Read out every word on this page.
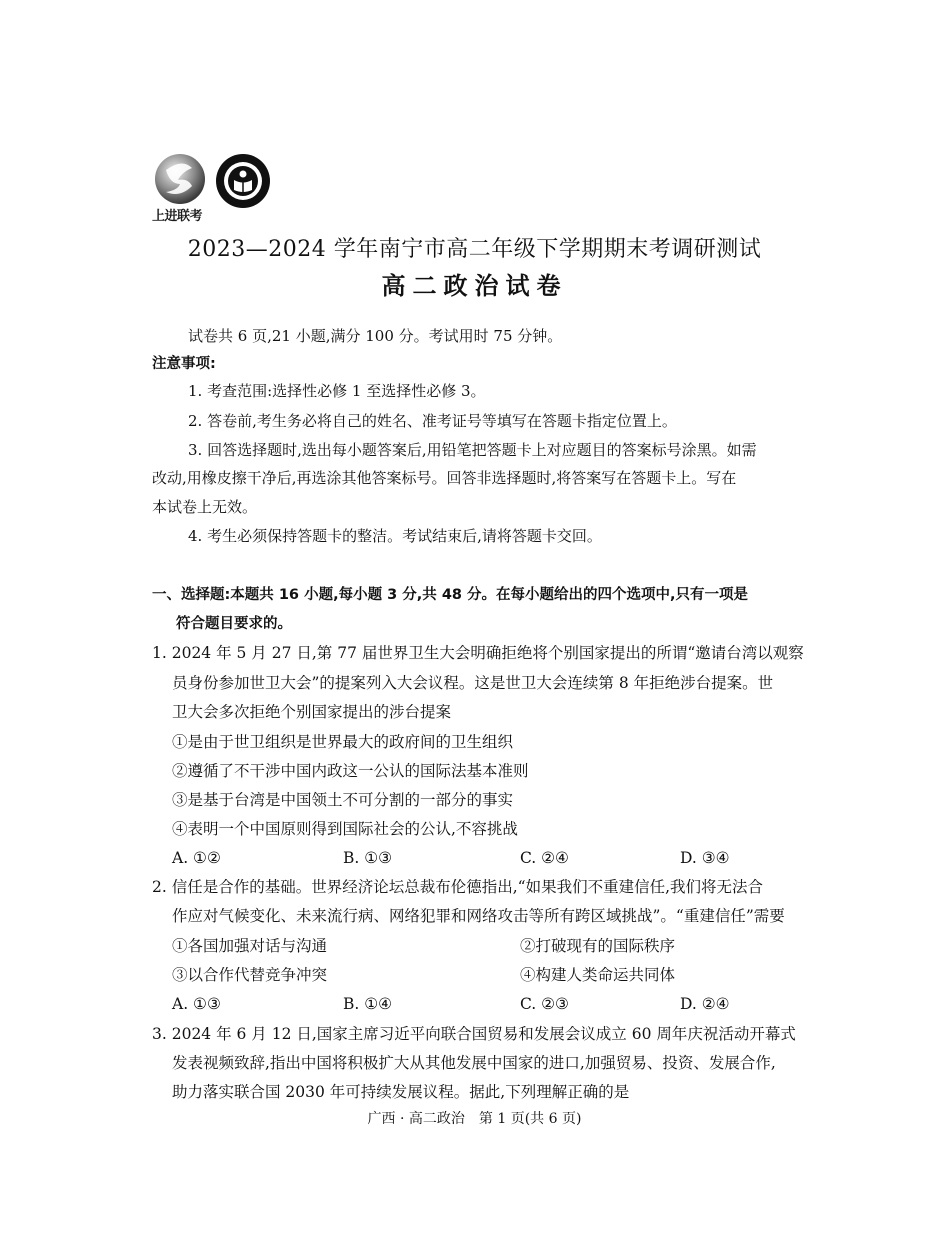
上进联考
2023—2024 学年南宁市高二年级下学期期末考调研测试
高二政治试卷
试卷共 6 页,21 小题,满分 100 分。考试用时 75 分钟。
注意事项:
1. 考查范围:选择性必修 1 至选择性必修 3。
2. 答卷前,考生务必将自己的姓名、准考证号等填写在答题卡指定位置上。
3. 回答选择题时,选出每小题答案后,用铅笔把答题卡上对应题目的答案标号涂黑。如需
改动,用橡皮擦干净后,再选涂其他答案标号。回答非选择题时,将答案写在答题卡上。写在
本试卷上无效。
4. 考生必须保持答题卡的整洁。考试结束后,请将答题卡交回。
一、选择题:本题共 16 小题,每小题 3 分,共 48 分。在每小题给出的四个选项中,只有一项是
符合题目要求的。
1. 2024 年 5 月 27 日,第 77 届世界卫生大会明确拒绝将个别国家提出的所谓“邀请台湾以观察
员身份参加世卫大会”的提案列入大会议程。这是世卫大会连续第 8 年拒绝涉台提案。世
卫大会多次拒绝个别国家提出的涉台提案
①是由于世卫组织是世界最大的政府间的卫生组织
②遵循了不干涉中国内政这一公认的国际法基本准则
③是基于台湾是中国领土不可分割的一部分的事实
④表明一个中国原则得到国际社会的公认,不容挑战
A. ①②	B. ①③	C. ②④	D. ③④
2. 信任是合作的基础。世界经济论坛总裁布伦德指出,“如果我们不重建信任,我们将无法合
作应对气候变化、未来流行病、网络犯罪和网络攻击等所有跨区域挑战”。“重建信任”需要
①各国加强对话与沟通	②打破现有的国际秩序
③以合作代替竞争冲突	④构建人类命运共同体
A. ①③	B. ①④	C. ②③	D. ②④
3. 2024 年 6 月 12 日,国家主席习近平向联合国贸易和发展会议成立 60 周年庆祝活动开幕式
发表视频致辞,指出中国将积极扩大从其他发展中国家的进口,加强贸易、投资、发展合作,
助力落实联合国 2030 年可持续发展议程。据此,下列理解正确的是
广西 · 高二政治　第 1 页(共 6 页)
